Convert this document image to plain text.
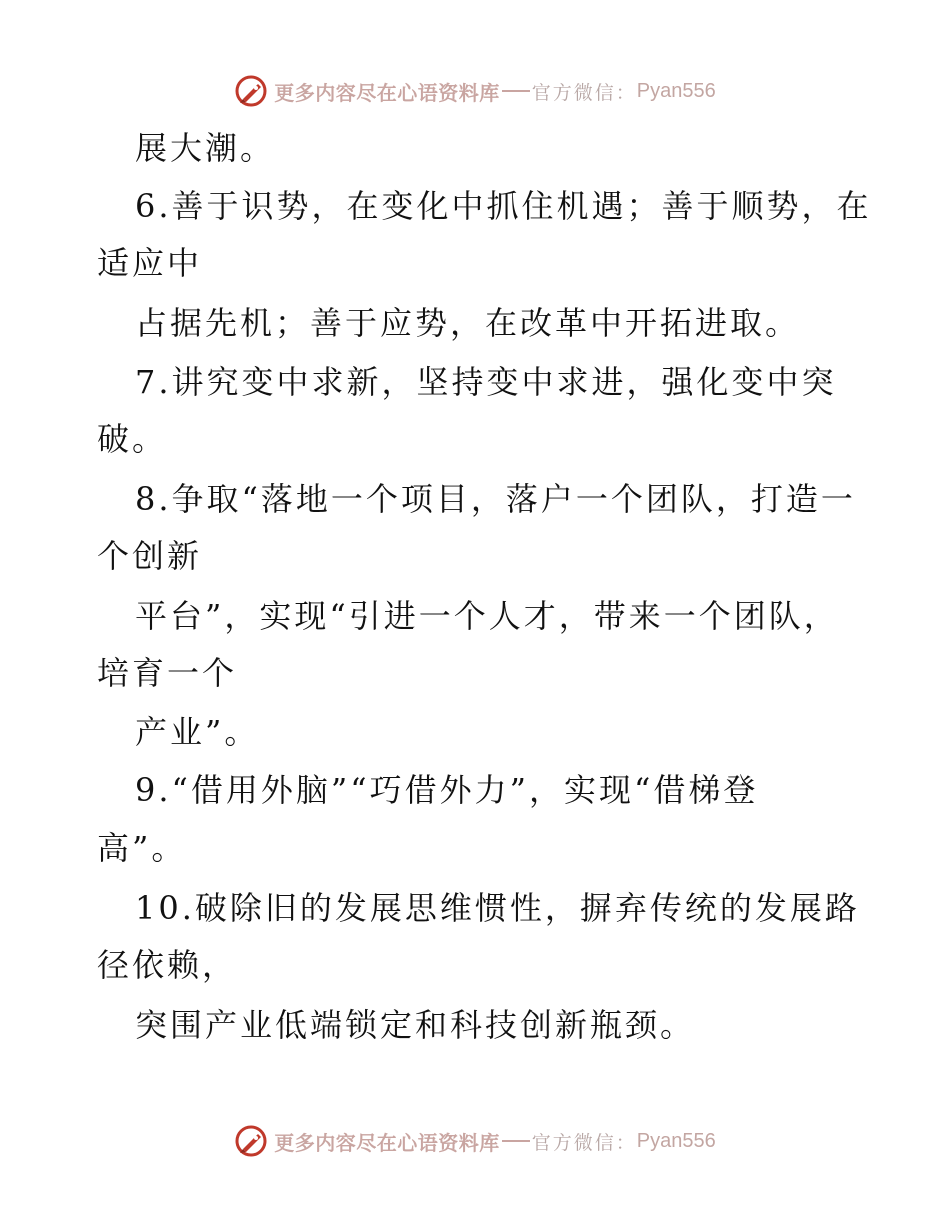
更多内容尽在心语资料库 官方微信： Pyan556
展大潮。
6.善于识势，在变化中抓住机遇；善于顺势，在
适应中
占据先机；善于应势，在改革中开拓进取。
7.讲究变中求新，坚持变中求进，强化变中突
破。
8.争取“落地一个项目，落户一个团队，打造一
个创新
平台”，实现“引进一个人才，带来一个团队，
培育一个
产业”。
9.“借用外脑”“巧借外力”，实现“借梯登
高”。
10.破除旧的发展思维惯性，摒弃传统的发展路
径依赖，
突围产业低端锁定和科技创新瓶颈。
更多内容尽在心语资料库 官方微信： Pyan556
